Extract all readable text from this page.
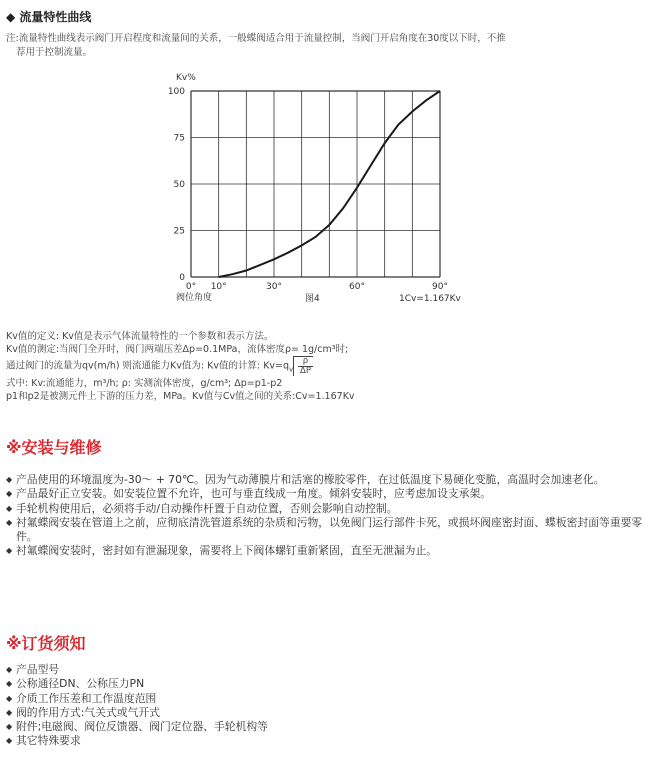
◆ 流量特性曲线
注:流量特性曲线表示阀门开启程度和流量间的关系，一般蝶阀适合用于流量控制，当阀门开启角度在30度以下时，不推
荐用于控制流量。
Kv%
0
25
50
75
100
0° 10°	30°	60°	90°
阀位角度	图4	1Cv=1.167Kv
Kv值的定义: Kv值是表示气体流量特性的一个参数和表示方法。
Kv值的测定:当阀门全开时，阀门两端压差Δp=0.1MPa，流体密度ρ= 1g/cm³时;
通过阀门的流量为qv(m/h) 则流通能力Kv值为: Kv值的计算: $Kv=q_v \frac{\rho}{\Delta P}$
式中: Kv:流通能力，m³/h; ρ: 实测流体密度，g/cm³; Δp=p1-p2
p1和p2是被测元件上下游的压力差，MPa。Kv值与Cv值之间的关系:Cv=1.167Kv
※安装与维修
◆ 产品使用的环境温度为-30～ + 70℃。因为气动薄膜片和活塞的橡胶零件，在过低温度下易硬化变脆，高温时会加速老化。
◆ 产品最好正立安装。如安装位置不允许，也可与垂直线成一角度。倾斜安装时，应考虑加设支承架。
◆ 手轮机构使用后，必须将手动/自动操作杆置于自动位置，否则会影响自动控制。
◆ 衬氟蝶阀安装在管道上之前，应彻底清洗管道系统的杂质和污物，以免阀门运行部件卡死，或损坏阀座密封面、蝶板密封面等重要零件。
◆ 衬氟蝶阀安装时，密封如有泄漏现象，需要将上下阀体螺钉重新紧固，直至无泄漏为止。
※订货须知
◆ 产品型号
◆ 公称通径DN、公称压力PN
◆ 介质工作压差和工作温度范围
◆ 阀的作用方式:气关式或气开式
◆ 附件;电磁阀、阀位反馈器、阀门定位器、手轮机构等
◆ 其它特殊要求
